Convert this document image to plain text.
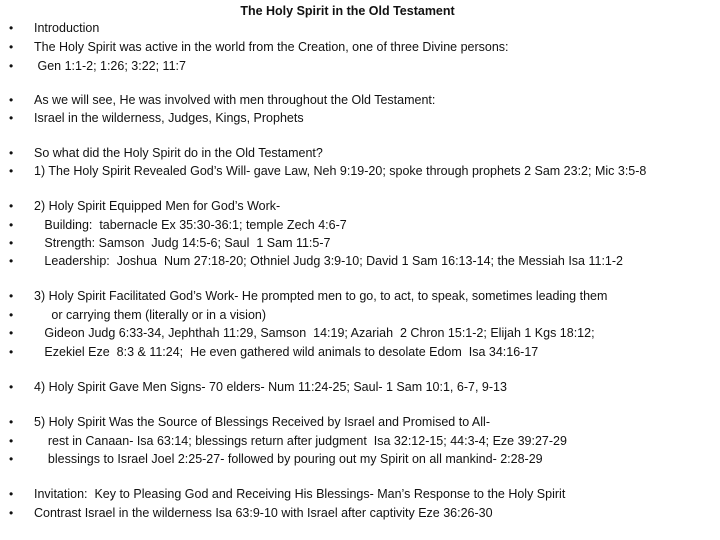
The Holy Spirit in the Old Testament
• Introduction
• The Holy Spirit was active in the world from the Creation, one of three Divine persons:
• Gen 1:1-2; 1:26; 3:22; 11:7
• As we will see, He was involved with men throughout the Old Testament:
• Israel in the wilderness, Judges, Kings, Prophets
• So what did the Holy Spirit do in the Old Testament?
• 1) The Holy Spirit Revealed God’s Will- gave Law, Neh 9:19-20; spoke through prophets 2 Sam 23:2; Mic 3:5-8
• 2) Holy Spirit Equipped Men for God’s Work-
• Building:  tabernacle Ex 35:30-36:1; temple Zech 4:6-7
• Strength: Samson  Judg 14:5-6; Saul  1 Sam 11:5-7
• Leadership:  Joshua  Num 27:18-20; Othniel Judg 3:9-10; David 1 Sam 16:13-14; the Messiah Isa 11:1-2
• 3) Holy Spirit Facilitated God’s Work- He prompted men to go, to act, to speak, sometimes leading them
• or carrying them (literally or in a vision)
• Gideon Judg 6:33-34, Jephthah 11:29, Samson  14:19; Azariah  2 Chron 15:1-2; Elijah 1 Kgs 18:12;
• Ezekiel Eze  8:3 & 11:24;  He even gathered wild animals to desolate Edom  Isa 34:16-17
• 4) Holy Spirit Gave Men Signs- 70 elders- Num 11:24-25; Saul- 1 Sam 10:1, 6-7, 9-13
• 5) Holy Spirit Was the Source of Blessings Received by Israel and Promised to All-
• rest in Canaan- Isa 63:14; blessings return after judgment  Isa 32:12-15; 44:3-4; Eze 39:27-29
• blessings to Israel Joel 2:25-27- followed by pouring out my Spirit on all mankind- 2:28-29
• Invitation:  Key to Pleasing God and Receiving His Blessings- Man’s Response to the Holy Spirit
• Contrast Israel in the wilderness Isa 63:9-10 with Israel after captivity Eze 36:26-30
